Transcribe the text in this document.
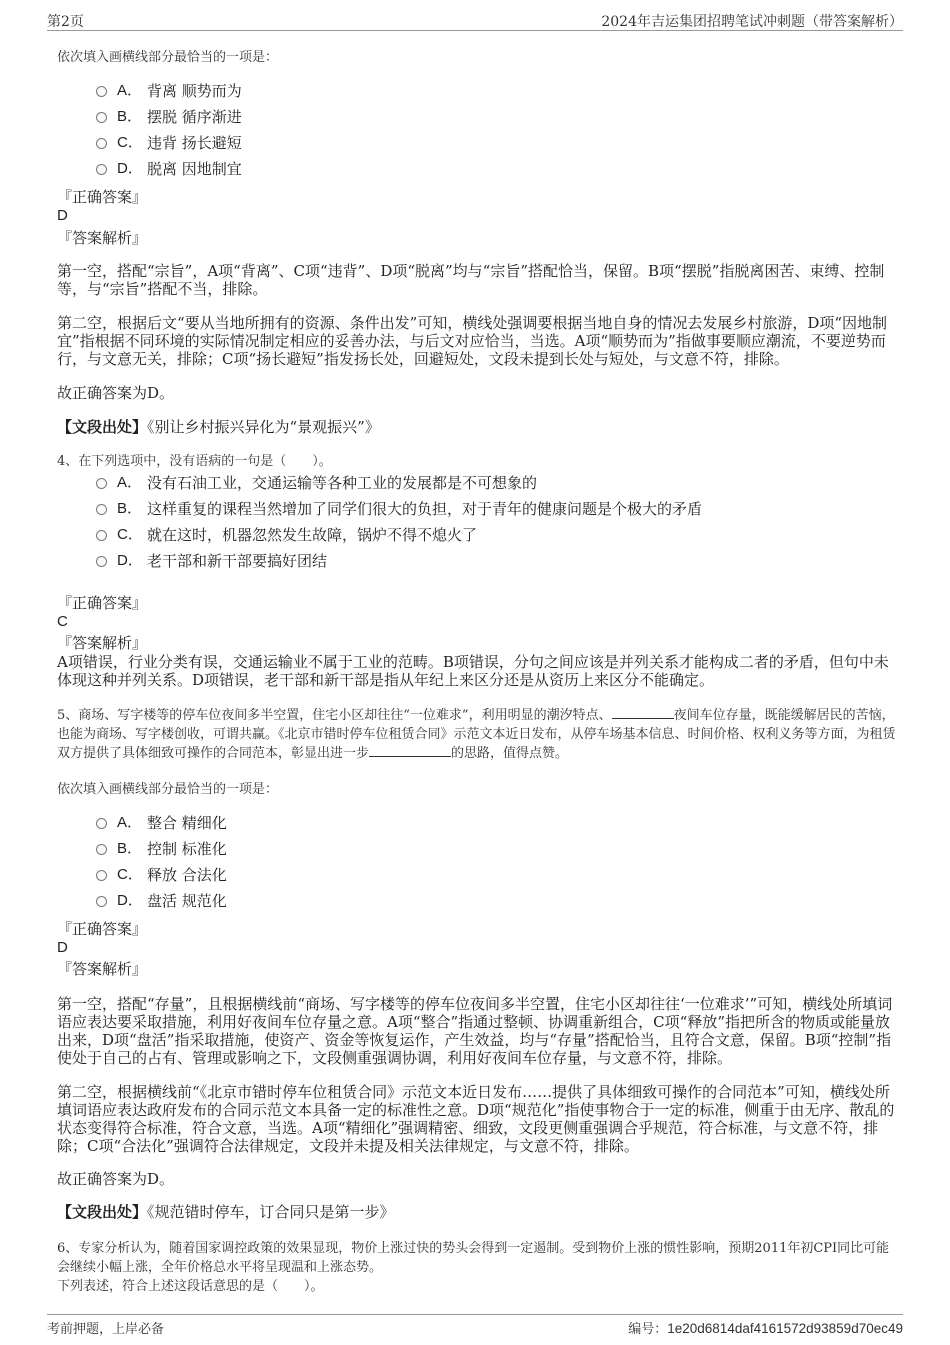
第2页	2024年吉运集团招聘笔试冲刺题（带答案解析）
依次填入画横线部分最恰当的一项是：
A． 背离 顺势而为
B． 摆脱 循序渐进
C． 违背 扬长避短
D． 脱离 因地制宜
『正确答案』
D
『答案解析』
第一空，搭配“宗旨”，A项“背离”、C项“违背”、D项“脱离”均与“宗旨”搭配恰当，保留。B项“摆脱”指脱离困苦、束缚、控制等，与“宗旨”搭配不当，排除。
第二空，根据后文“要从当地所拥有的资源、条件出发”可知，横线处强调要根据当地自身的情况去发展乡村旅游，D项“因地制宜”指根据不同环境的实际情况制定相应的妥善办法，与后文对应恰当，当选。A项“顺势而为”指做事要顺应潮流，不要逆势而行，与文意无关，排除；C项“扬长避短”指发扬长处，回避短处，文段未提到长处与短处，与文意不符，排除。
故正确答案为D。
【文段出处】《别让乡村振兴异化为“景观振兴”》
4、在下列选项中，没有语病的一句是（　　）。
A． 没有石油工业，交通运输等各种工业的发展都是不可想象的
B． 这样重复的课程当然增加了同学们很大的负担，对于青年的健康问题是个极大的矛盾
C． 就在这时，机器忽然发生故障，锅炉不得不熄火了
D． 老干部和新干部要搞好团结
『正确答案』
C
『答案解析』
A项错误，行业分类有误，交通运输业不属于工业的范畴。B项错误，分句之间应该是并列关系才能构成二者的矛盾，但句中未体现这种并列关系。D项错误，老干部和新干部是指从年纪上来区分还是从资历上来区分不能确定。
5、商场、写字楼等的停车位夜间多半空置，住宅小区却往往“一位难求”，利用明显的潮汐特点、	夜间车位存量，既能缓解居民的苦恼，也能为商场、写字楼创收，可谓共赢。《北京市错时停车位租赁合同》示范文本近日发布，从停车场基本信息、时间价格、权利义务等方面，为租赁双方提供了具体细致可操作的合同范本，彰显出进一步	的思路，值得点赞。
依次填入画横线部分最恰当的一项是：
A． 整合 精细化
B． 控制 标准化
C． 释放 合法化
D． 盘活 规范化
『正确答案』
D
『答案解析』
第一空，搭配“存量”，且根据横线前“商场、写字楼等的停车位夜间多半空置，住宅小区却往往‘一位难求’”可知，横线处所填词语应表达要采取措施，利用好夜间车位存量之意。A项“整合”指通过整顿、协调重新组合，C项“释放”指把所含的物质或能量放出来，D项“盘活”指采取措施，使资产、资金等恢复运作，产生效益，均与“存量”搭配恰当，且符合文意，保留。B项“控制”指使处于自己的占有、管理或影响之下，文段侧重强调协调，利用好夜间车位存量，与文意不符，排除。
第二空，根据横线前“《北京市错时停车位租赁合同》示范文本近日发布……提供了具体细致可操作的合同范本”可知，横线处所填词语应表达政府发布的合同示范文本具备一定的标准性之意。D项“规范化”指使事物合于一定的标准，侧重于由无序、散乱的状态变得符合标准，符合文意，当选。A项“精细化”强调精密、细致，文段更侧重强调合乎规范，符合标准，与文意不符，排除；C项“合法化”强调符合法律规定，文段并未提及相关法律规定，与文意不符，排除。
故正确答案为D。
【文段出处】《规范错时停车，订合同只是第一步》
6、专家分析认为，随着国家调控政策的效果显现，物价上涨过快的势头会得到一定遏制。受到物价上涨的惯性影响，预期2011年初CPI同比可能会继续小幅上涨，全年价格总水平将呈现温和上涨态势。
下列表述，符合上述这段话意思的是（　　）。
考前押题，上岸必备	编号：1e20d6814daf4161572d93859d70ec49
